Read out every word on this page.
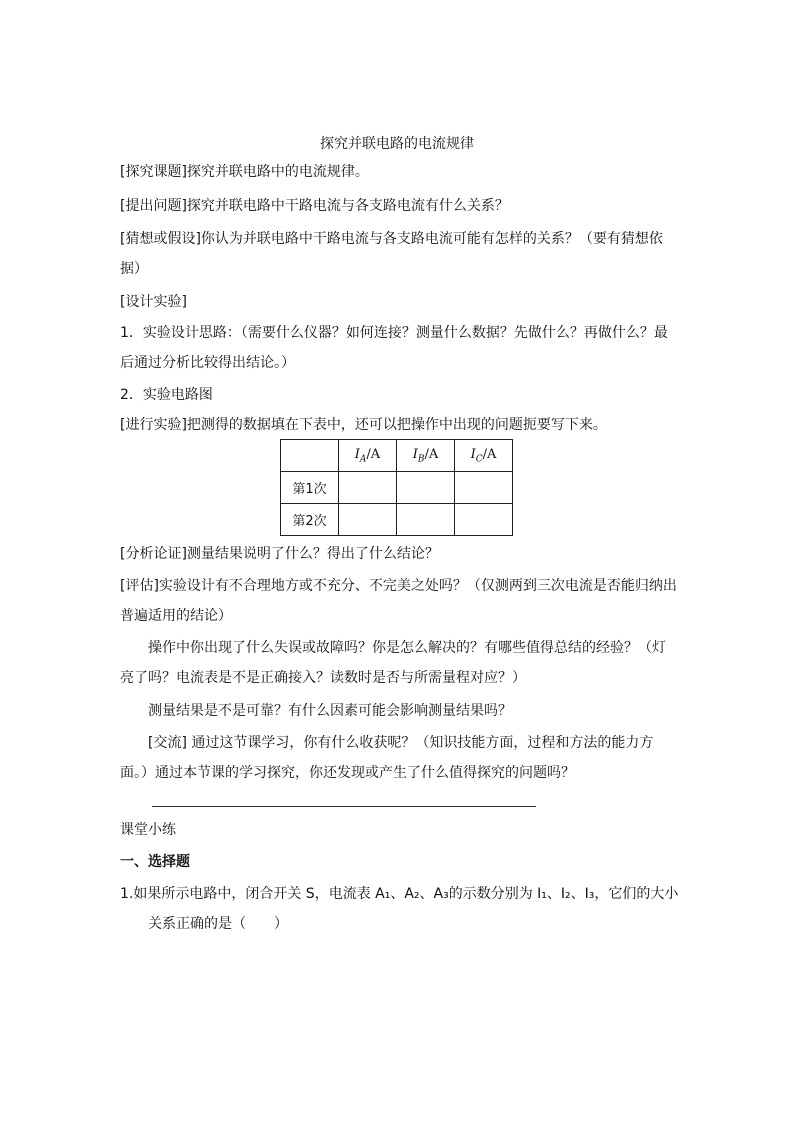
探究并联电路的电流规律
[探究课题]探究并联电路中的电流规律。
[提出问题]探究并联电路中干路电流与各支路电流有什么关系？
[猜想或假设]你认为并联电路中干路电流与各支路电流可能有怎样的关系？（要有猜想依
据）
[设计实验]
1．实验设计思路：（需要什么仪器？如何连接？测量什么数据？先做什么？再做什么？最
后通过分析比较得出结论。）
2．实验电路图
[进行实验]把测得的数据填在下表中，还可以把操作中出现的问题扼要写下来。
	$I_A/A$	$I_B/A$	$I_C/A$
第1次			
第2次			
[分析论证]测量结果说明了什么？得出了什么结论？
[评估]实验设计有不合理地方或不充分、不完美之处吗？（仅测两到三次电流是否能归纳出
普遍适用的结论）
操作中你出现了什么失误或故障吗？你是怎么解决的？有哪些值得总结的经验？（灯
亮了吗？电流表是不是正确接入？读数时是否与所需量程对应？）
测量结果是不是可靠？有什么因素可能会影响测量结果吗？
[交流] 通过这节课学习，你有什么收获呢？（知识技能方面，过程和方法的能力方
面。）通过本节课的学习探究，你还发现或产生了什么值得探究的问题吗？
课堂小练
一、选择题
1.如果所示电路中，闭合开关 S，电流表 A₁、A₂、A₃的示数分别为 I₁、I₂、I₃，它们的大小
关系正确的是（　　）
